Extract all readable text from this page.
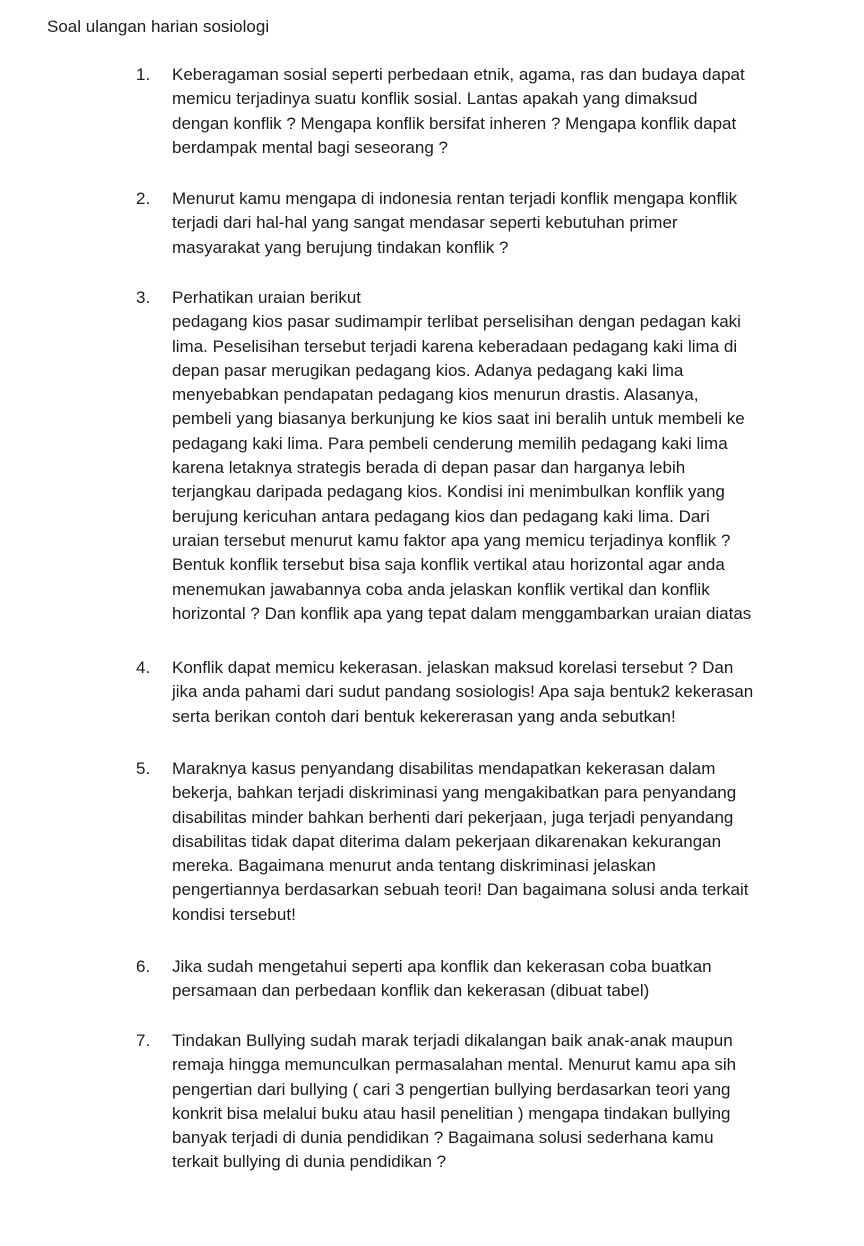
Soal ulangan harian sosiologi
1.	Keberagaman sosial seperti perbedaan etnik, agama, ras dan budaya dapat
memicu terjadinya suatu konflik sosial. Lantas apakah yang dimaksud
dengan konflik ? Mengapa konflik bersifat inheren ? Mengapa konflik dapat
berdampak mental bagi seseorang ?
2.	Menurut kamu mengapa di indonesia rentan terjadi konflik mengapa konflik
terjadi dari hal-hal yang sangat mendasar seperti kebutuhan primer
masyarakat yang berujung tindakan konflik ?
3.	Perhatikan uraian berikut
pedagang kios pasar sudimampir terlibat perselisihan dengan pedagan kaki
lima. Peselisihan tersebut terjadi karena keberadaan pedagang kaki lima di
depan pasar merugikan pedagang kios. Adanya pedagang kaki lima
menyebabkan pendapatan pedagang kios menurun drastis. Alasanya,
pembeli yang biasanya berkunjung ke kios saat ini beralih untuk membeli ke
pedagang kaki lima. Para pembeli cenderung memilih pedagang kaki lima
karena letaknya strategis berada di depan pasar dan harganya lebih
terjangkau daripada pedagang kios. Kondisi ini menimbulkan konflik yang
berujung kericuhan antara pedagang kios dan pedagang kaki lima. Dari
uraian tersebut menurut kamu faktor apa yang memicu terjadinya konflik ?
Bentuk konflik tersebut bisa saja konflik vertikal atau horizontal agar anda
menemukan jawabannya coba anda jelaskan konflik vertikal dan konflik
horizontal ? Dan konflik apa yang tepat dalam menggambarkan uraian diatas
4.	Konflik dapat memicu kekerasan. jelaskan maksud korelasi tersebut ? Dan
jika anda pahami dari sudut pandang sosiologis! Apa saja bentuk2 kekerasan
serta berikan contoh dari bentuk kekererasan yang anda sebutkan!
5.	Maraknya kasus penyandang disabilitas mendapatkan kekerasan dalam
bekerja, bahkan terjadi diskriminasi yang mengakibatkan para penyandang
disabilitas minder bahkan berhenti dari pekerjaan, juga terjadi penyandang
disabilitas tidak dapat diterima dalam pekerjaan dikarenakan kekurangan
mereka. Bagaimana menurut anda tentang diskriminasi jelaskan
pengertiannya berdasarkan sebuah teori! Dan bagaimana solusi anda terkait
kondisi tersebut!
6.	Jika sudah mengetahui seperti apa konflik dan kekerasan coba buatkan
persamaan dan perbedaan konflik dan kekerasan (dibuat tabel)
7.	Tindakan Bullying sudah marak terjadi dikalangan baik anak-anak maupun
remaja hingga memunculkan permasalahan mental. Menurut kamu apa sih
pengertian dari bullying ( cari 3 pengertian bullying berdasarkan teori yang
konkrit bisa melalui buku atau hasil penelitian ) mengapa tindakan bullying
banyak terjadi di dunia pendidikan ? Bagaimana solusi sederhana kamu
terkait bullying di dunia pendidikan ?
